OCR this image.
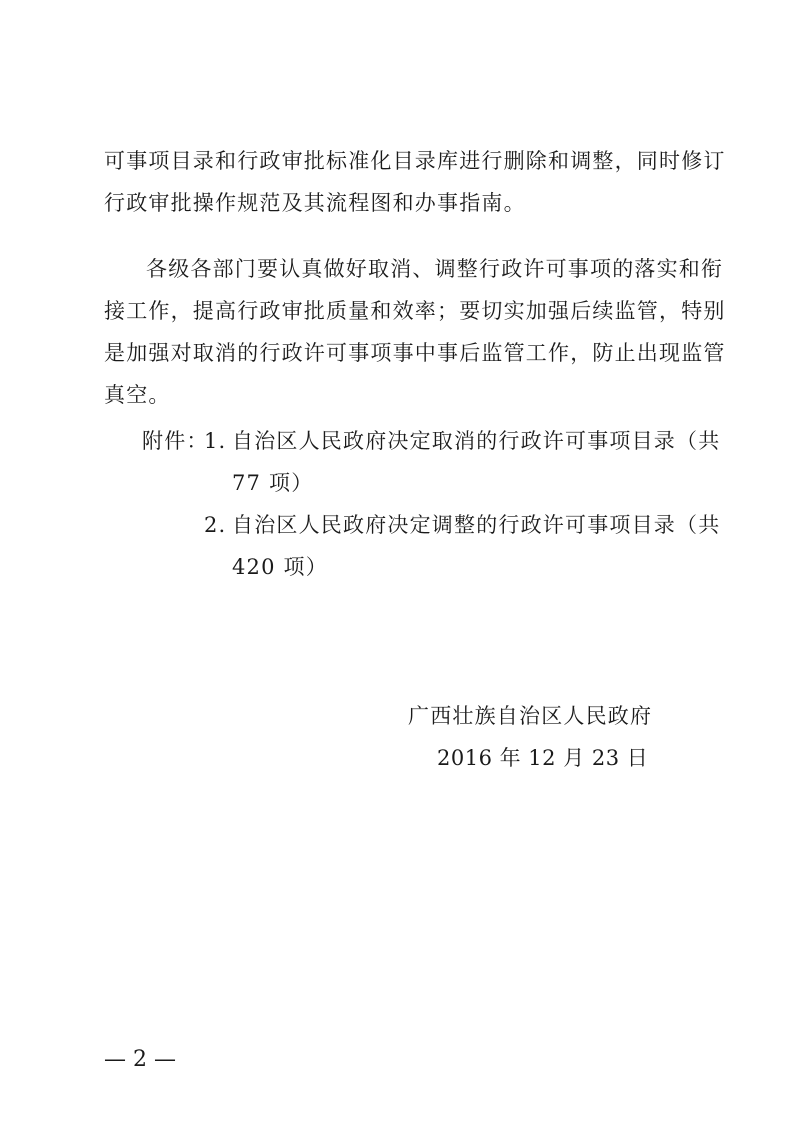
可事项目录和行政审批标准化目录库进行删除和调整，同时修订
行政审批操作规范及其流程图和办事指南。
各级各部门要认真做好取消、调整行政许可事项的落实和衔
接工作，提高行政审批质量和效率；要切实加强后续监管，特别
是加强对取消的行政许可事项事中事后监管工作，防止出现监管
真空。
附件：
1. 自治区人民政府决定取消的行政许可事项目录（共
77 项）
2. 自治区人民政府决定调整的行政许可事项目录（共
420 项）
广西壮族自治区人民政府
2016 年 12 月 23 日
— 2 —
